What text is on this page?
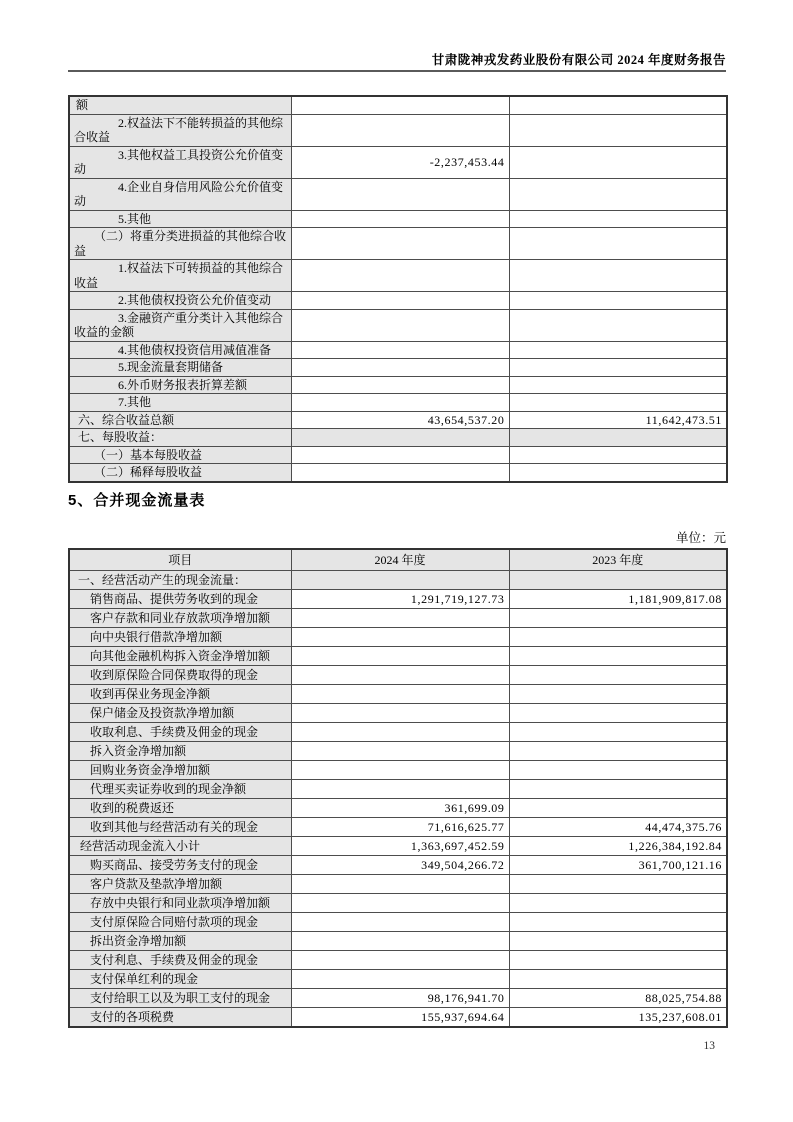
甘肃陇神戎发药业股份有限公司 2024 年度财务报告
额		
2.权益法下不能转损益的其他综合收益		
3.其他权益工具投资公允价值变动	-2,237,453.44	
4.企业自身信用风险公允价值变动		
5.其他		
（二）将重分类进损益的其他综合收益		
1.权益法下可转损益的其他综合收益		
2.其他债权投资公允价值变动		
3.金融资产重分类计入其他综合收益的金额		
4.其他债权投资信用减值准备		
5.现金流量套期储备		
6.外币财务报表折算差额		
7.其他		
六、综合收益总额	43,654,537.20	11,642,473.51
七、每股收益：		
（一）基本每股收益		
（二）稀释每股收益		
5、合并现金流量表
单位：元
项目	2024 年度	2023 年度
一、经营活动产生的现金流量：		
销售商品、提供劳务收到的现金	1,291,719,127.73	1,181,909,817.08
客户存款和同业存放款项净增加额		
向中央银行借款净增加额		
向其他金融机构拆入资金净增加额		
收到原保险合同保费取得的现金		
收到再保业务现金净额		
保户储金及投资款净增加额		
收取利息、手续费及佣金的现金		
拆入资金净增加额		
回购业务资金净增加额		
代理买卖证券收到的现金净额		
收到的税费返还	361,699.09	
收到其他与经营活动有关的现金	71,616,625.77	44,474,375.76
经营活动现金流入小计	1,363,697,452.59	1,226,384,192.84
购买商品、接受劳务支付的现金	349,504,266.72	361,700,121.16
客户贷款及垫款净增加额		
存放中央银行和同业款项净增加额		
支付原保险合同赔付款项的现金		
拆出资金净增加额		
支付利息、手续费及佣金的现金		
支付保单红利的现金		
支付给职工以及为职工支付的现金	98,176,941.70	88,025,754.88
支付的各项税费	155,937,694.64	135,237,608.01
13
